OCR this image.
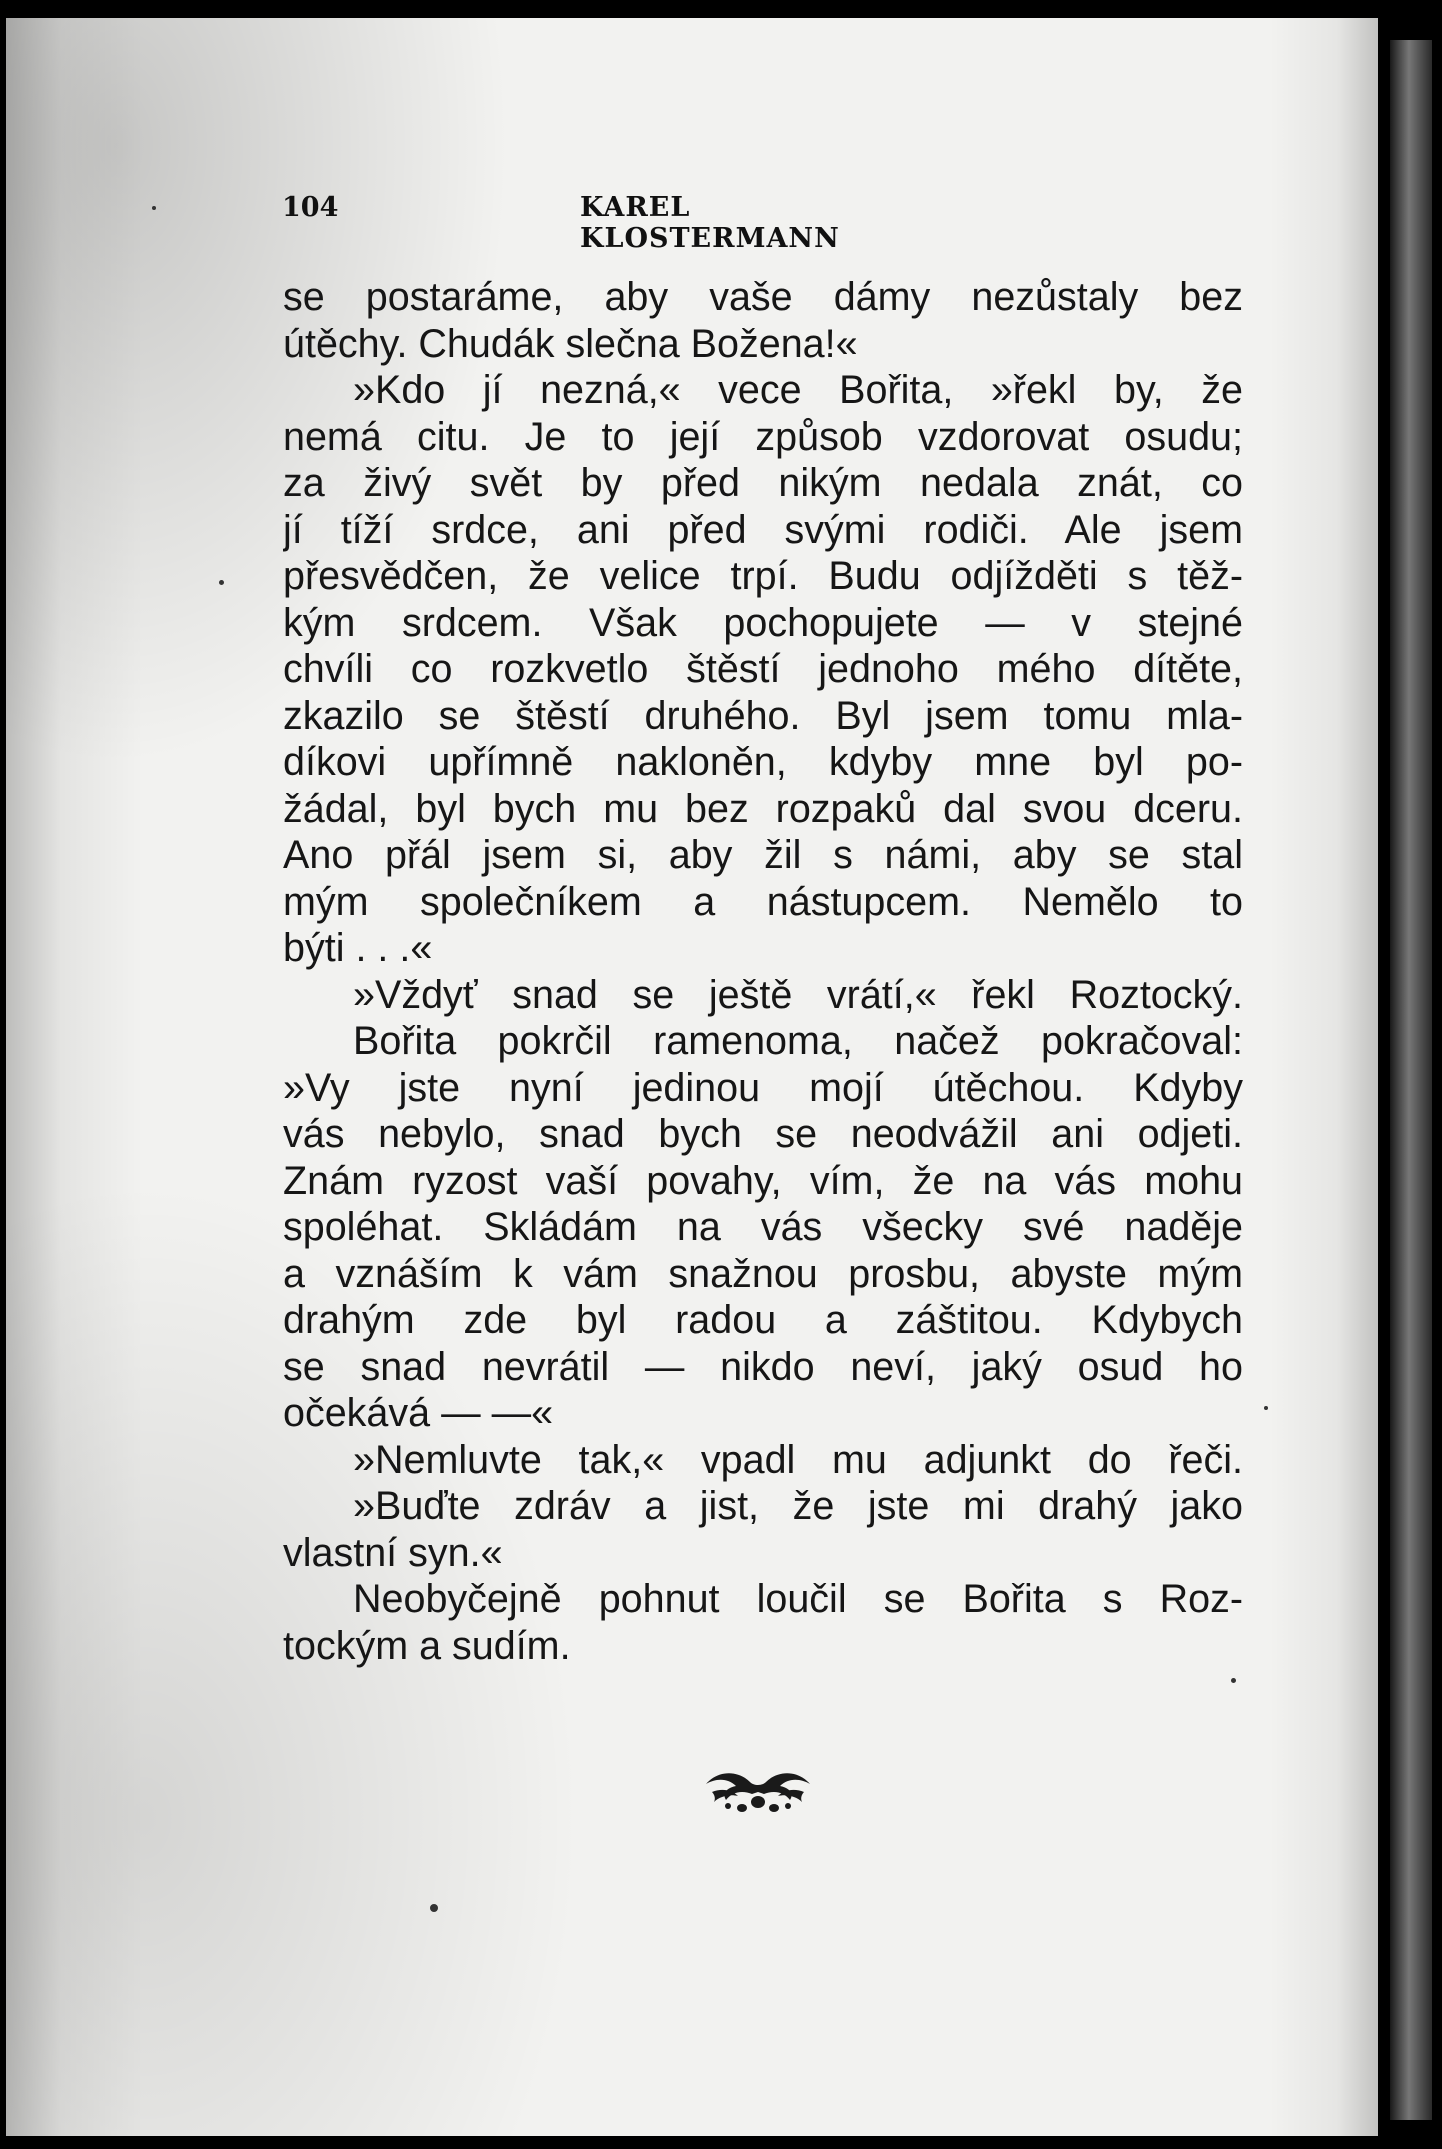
104	KAREL KLOSTERMANN
se postaráme, aby vaše dámy nezůstaly bez
útěchy. Chudák slečna Božena!«
»Kdo jí nezná,« vece Bořita, »řekl by, že
nemá citu. Je to její způsob vzdorovat osudu;
za živý svět by před nikým nedala znát, co
jí tíží srdce, ani před svými rodiči. Ale jsem
přesvědčen, že velice trpí. Budu odjížděti s těž-
kým srdcem. Však pochopujete — v stejné
chvíli co rozkvetlo štěstí jednoho mého dítěte,
zkazilo se štěstí druhého. Byl jsem tomu mla-
díkovi upřímně nakloněn, kdyby mne byl po-
žádal, byl bych mu bez rozpaků dal svou dceru.
Ano přál jsem si, aby žil s námi, aby se stal
mým společníkem a nástupcem. Nemělo to
býti . . .«
»Vždyť snad se ještě vrátí,« řekl Roztocký.
Bořita pokrčil ramenoma, načež pokračoval:
»Vy jste nyní jedinou mojí útěchou. Kdyby
vás nebylo, snad bych se neodvážil ani odjeti.
Znám ryzost vaší povahy, vím, že na vás mohu
spoléhat. Skládám na vás všecky své naděje
a vznáším k vám snažnou prosbu, abyste mým
drahým zde byl radou a záštitou. Kdybych
se snad nevrátil — nikdo neví, jaký osud ho
očekává — —«
»Nemluvte tak,« vpadl mu adjunkt do řeči.
»Buďte zdráv a jist, že jste mi drahý jako
vlastní syn.«
Neobyčejně pohnut loučil se Bořita s Roz-
tockým a sudím.
